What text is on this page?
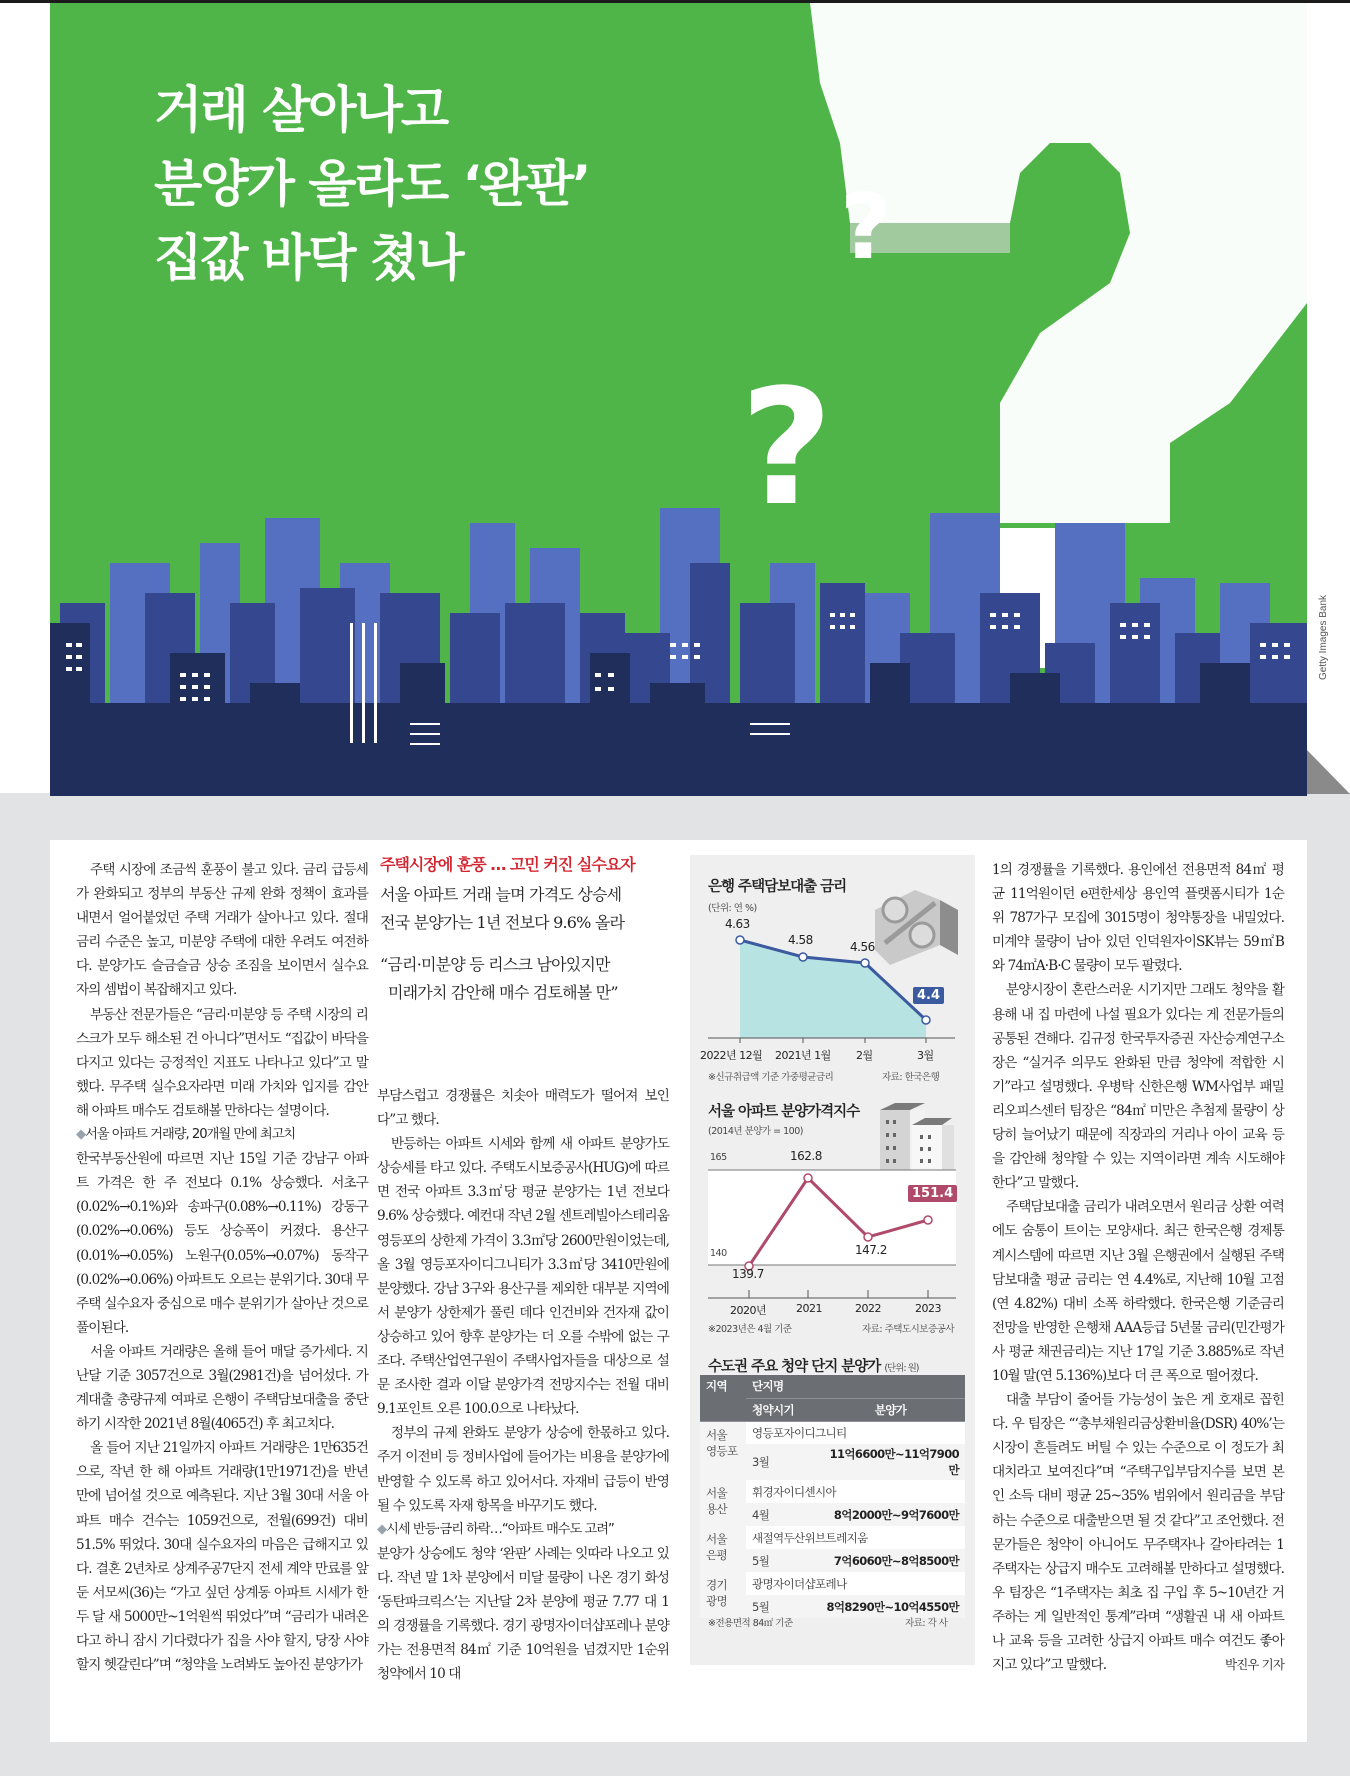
?
?
거래 살아나고
분양가 올라도 ‘완판’
집값 바닥 쳤나
Getty Images Bank

주택 시장에 조금씩 훈풍이 불고 있다. 금리 급등세가 완화되고 정부의 부동산 규제 완화 정책이 효과를 내면서 얼어붙었던 주택 거래가 살아나고 있다. 절대 금리 수준은 높고, 미분양 주택에 대한 우려도 여전하다. 분양가도 슬금슬금 상승 조짐을 보이면서 실수요자의 셈법이 복잡해지고 있다.

부동산 전문가들은 “금리·미분양 등 주택 시장의 리스크가 모두 해소된 건 아니다”면서도 “집값이 바닥을 다지고 있다는 긍정적인 지표도 나타나고 있다”고 말했다. 무주택 실수요자라면 미래 가치와 입지를 감안해 아파트 매수도 검토해볼 만하다는 설명이다.

◆서울 아파트 거래량, 20개월 만에 최고치

한국부동산원에 따르면 지난 15일 기준 강남구 아파트 가격은 한 주 전보다 0.1% 상승했다. 서초구(0.02%→0.1%)와 송파구(0.08%→0.11%) 강동구(0.02%→0.06%) 등도 상승폭이 커졌다. 용산구(0.01%→0.05%) 노원구(0.05%→0.07%) 동작구(0.02%→0.06%) 아파트도 오르는 분위기다. 30대 무주택 실수요자 중심으로 매수 분위기가 살아난 것으로 풀이된다.

서울 아파트 거래량은 올해 들어 매달 증가세다. 지난달 기준 3057건으로 3월(2981건)을 넘어섰다. 가계대출 총량규제 여파로 은행이 주택담보대출을 중단하기 시작한 2021년 8월(4065건) 후 최고치다.

올 들어 지난 21일까지 아파트 거래량은 1만635건으로, 작년 한 해 아파트 거래량(1만1971건)을 반년 만에 넘어설 것으로 예측된다. 지난 3월 30대 서울 아파트 매수 건수는 1059건으로, 전월(699건) 대비 51.5% 뛰었다. 30대 실수요자의 마음은 급해지고 있다. 결혼 2년차로 상계주공7단지 전세 계약 만료를 앞둔 서모씨(36)는 “가고 싶던 상계동 아파트 시세가 한두 달 새 5000만~1억원씩 뛰었다”며 “금리가 내려온다고 하니 잠시 기다렸다가 집을 사야 할지, 당장 사야 할지 헷갈린다”며 “청약을 노려봐도 높아진 분양가가

주택시장에 훈풍 … 고민 커진 실수요자
서울 아파트 거래 늘며 가격도 상승세
전국 분양가는 1년 전보다 9.6% 올라
“금리·미분양 등 리스크 남아있지만
미래가치 감안해 매수 검토해볼 만”

부담스럽고 경쟁률은 치솟아 매력도가 떨어져 보인다”고 했다.

반등하는 아파트 시세와 함께 새 아파트 분양가도 상승세를 타고 있다. 주택도시보증공사(HUG)에 따르면 전국 아파트 3.3㎡당 평균 분양가는 1년 전보다 9.6% 상승했다. 예컨대 작년 2월 센트레빌아스테리움영등포의 상한제 가격이 3.3㎡당 2600만원이었는데, 올 3월 영등포자이디그니티가 3.3㎡당 3410만원에 분양했다. 강남 3구와 용산구를 제외한 대부분 지역에서 분양가 상한제가 풀린 데다 인건비와 건자재 값이 상승하고 있어 향후 분양가는 더 오를 수밖에 없는 구조다. 주택산업연구원이 주택사업자들을 대상으로 설문 조사한 결과 이달 분양가격 전망지수는 전월 대비 9.1포인트 오른 100.0으로 나타났다.

정부의 규제 완화도 분양가 상승에 한몫하고 있다. 주거 이전비 등 정비사업에 들어가는 비용을 분양가에 반영할 수 있도록 하고 있어서다. 자재비 급등이 반영될 수 있도록 자재 항목을 바꾸기도 했다.

◆시세 반등·금리 하락…“아파트 매수도 고려”

분양가 상승에도 청약 ‘완판’ 사례는 잇따라 나오고 있다. 작년 말 1차 분양에서 미달 물량이 나온 경기 화성 ‘동탄파크릭스’는 지난달 2차 분양에 평균 7.77 대 1의 경쟁률을 기록했다. 경기 광명자이더샵포레나 분양가는 전용면적 84㎡ 기준 10억원을 넘겼지만 1순위 청약에서 10 대

은행 주택담보대출 금리
(단위: 연 %)
4.63
4.58	4.56
4.4
2022년 12월 2021년 1월 2월	3월
※신규취급액 기준 가중평균금리	자료: 한국은행
서울 아파트 분양가격지수
(2014년 분양가 = 100)
165
140
139.7
162.8
147.2
151.4
2020년	2021	2022	2023
※2023년은 4월 기준	자료: 주택도시보증공사
수도권 주요 청약 단지 분양가 (단위: 원)
지역	단지명	
	청약시기	분양가

서울
영등포	영등포자이디그니티	
	3월	11억6600만~11억7900만

서울
용산	휘경자이디센시아	
	4월	8억2000만~9억7600만

서울
은평	새절역두산위브트레지움	
	5월	7억6060만~8억8500만

경기
광명	광명자이더샵포레나	
	5월	8억8290만~10억4550만
※전용면적 84㎡ 기준	자료: 각 사

1의 경쟁률을 기록했다. 용인에선 전용면적 84㎡ 평균 11억원이던 e편한세상 용인역 플랫폼시티가 1순위 787가구 모집에 3015명이 청약통장을 내밀었다. 미계약 물량이 남아 있던 인덕원자이SK뷰는 59㎡B와 74㎡A·B·C 물량이 모두 팔렸다.

분양시장이 혼란스러운 시기지만 그래도 청약을 활용해 내 집 마련에 나설 필요가 있다는 게 전문가들의 공통된 견해다. 김규정 한국투자증권 자산승계연구소장은 “실거주 의무도 완화된 만큼 청약에 적합한 시기”라고 설명했다. 우병탁 신한은행 WM사업부 패밀리오피스센터 팀장은 “84㎡ 미만은 추첨제 물량이 상당히 늘어났기 때문에 직장과의 거리나 아이 교육 등을 감안해 청약할 수 있는 지역이라면 계속 시도해야 한다”고 말했다.

주택담보대출 금리가 내려오면서 원리금 상환 여력에도 숨통이 트이는 모양새다. 최근 한국은행 경제통계시스템에 따르면 지난 3월 은행권에서 실행된 주택담보대출 평균 금리는 연 4.4%로, 지난해 10월 고점(연 4.82%) 대비 소폭 하락했다. 한국은행 기준금리 전망을 반영한 은행채 AAA등급 5년물 금리(민간평가사 평균 채권금리)는 지난 17일 기준 3.885%로 작년 10월 말(연 5.136%)보다 더 큰 폭으로 떨어졌다.

대출 부담이 줄어들 가능성이 높은 게 호재로 꼽힌다. 우 팀장은 “‘총부채원리금상환비율(DSR) 40%’는 시장이 흔들려도 버틸 수 있는 수준으로 이 정도가 최대치라고 보여진다”며 “주택구입부담지수를 보면 본인 소득 대비 평균 25~35% 범위에서 원리금을 부담하는 수준으로 대출받으면 될 것 같다”고 조언했다. 전문가들은 청약이 아니어도 무주택자나 갈아타려는 1주택자는 상급지 매수도 고려해볼 만하다고 설명했다. 우 팀장은 “1주택자는 최초 집 구입 후 5~10년간 거주하는 게 일반적인 통계”라며 “생활권 내 새 아파트나 교육 등을 고려한 상급지 아파트 매수 여건도 좋아지고 있다”고 말했다.	박진우 기자
